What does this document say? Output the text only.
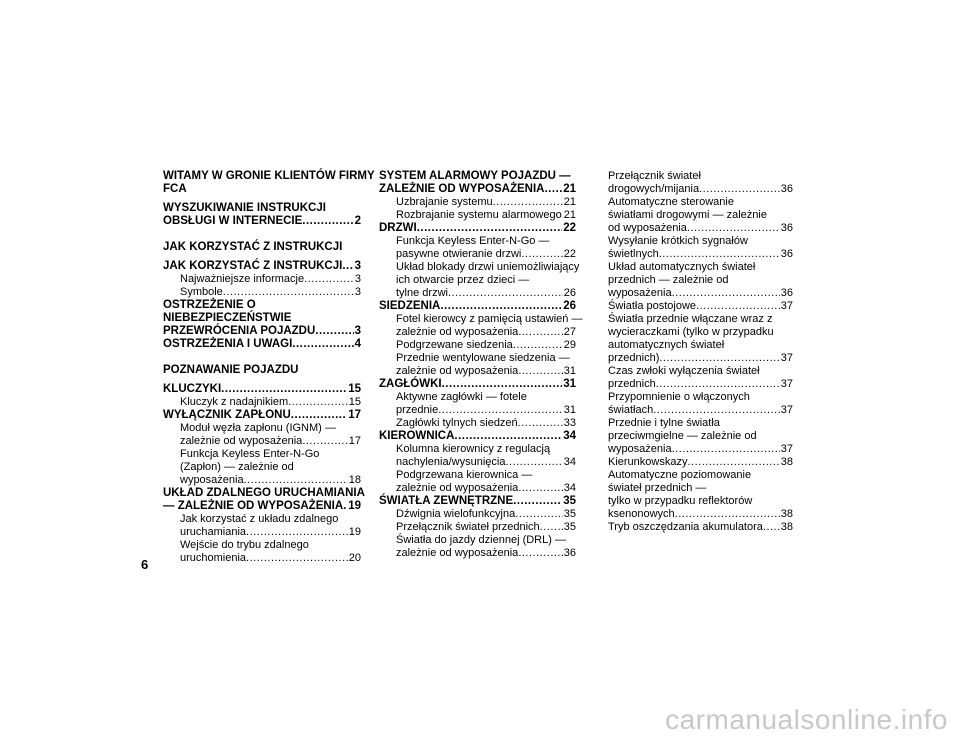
WITAMY W GRONIE KLIENTÓW FIRMY
FCA
WYSZUKIWANIE INSTRUKCJI
OBSŁUGI W INTERNECIE .....	2
JAK KORZYSTAĆ Z INSTRUKCJI
JAK KORZYSTAĆ Z INSTRUKCJI ..... 3
Najważniejsze informacje .....	3
Symbole .....	3
OSTRZEŻENIE O
NIEBEZPIECZEŃSTWIE
PRZEWRÓCENIA POJAZDU .....	3
OSTRZEŻENIA I UWAGI .....	4
POZNAWANIE POJAZDU
KLUCZYKI .....	15
Kluczyk z nadajnikiem .....	15
WYŁĄCZNIK ZAPŁONU .....	17
Moduł węzła zapłonu (IGNM) —
zależnie od wyposażenia .....	17
Funkcja Keyless Enter-N-Go
(Zapłon) — zależnie od
wyposażenia .....	18
UKŁAD ZDALNEGO URUCHAMIANIA
— ZALEŻNIE OD WYPOSAŻENIA ..... 19
Jak korzystać z układu zdalnego
uruchamiania .....	19
Wejście do trybu zdalnego
uruchomienia .....	20
SYSTEM ALARMOWY POJAZDU —
ZALEŻNIE OD WYPOSAŻENIA ..... 21
Uzbrajanie systemu .....	21
Rozbrajanie systemu alarmowego ..... 21
DRZWI .....	22
Funkcja Keyless Enter-N-Go —
pasywne otwieranie drzwi .....	22
Układ blokady drzwi uniemożliwiający
ich otwarcie przez dzieci —
tylne drzwi .....	26
SIEDZENIA .....	26
Fotel kierowcy z pamięcią ustawień —
zależnie od wyposażenia .....	27
Podgrzewane siedzenia .....	29
Przednie wentylowane siedzenia —
zależnie od wyposażenia .....	31
ZAGŁÓWKI .....	31
Aktywne zagłówki — fotele
przednie .....	31
Zagłówki tylnych siedzeń .....	33
KIEROWNICA .....	34
Kolumna kierownicy z regulacją
nachylenia/wysunięcia .....	34
Podgrzewana kierownica —
zależnie od wyposażenia .....	34
ŚWIATŁA ZEWNĘTRZNE .....	35
Dźwignia wielofunkcyjna .....	35
Przełącznik świateł przednich ..... 35
Światła do jazdy dziennej (DRL) —
zależnie od wyposażenia .....	36
Przełącznik świateł
drogowych/mijania .....	36
Automatyczne sterowanie
światłami drogowymi — zależnie
od wyposażenia .....	36
Wysyłanie krótkich sygnałów
świetlnych .....	36
Układ automatycznych świateł
przednich — zależnie od
wyposażenia .....	36
Światła postojowe .....	37
Światła przednie włączane wraz z
wycieraczkami (tylko w przypadku
automatycznych świateł
przednich) .....	37
Czas zwłoki wyłączenia świateł
przednich .....	37
Przypomnienie o włączonych
światłach .....	37
Przednie i tylne światła
przeciwmgielne — zależnie od
wyposażenia .....	37
Kierunkowskazy .....	38
Automatyczne poziomowanie
świateł przednich —
tylko w przypadku reflektorów
ksenonowych .....	38
Tryb oszczędzania akumulatora ..... 38
6
carmanualsonline.info
